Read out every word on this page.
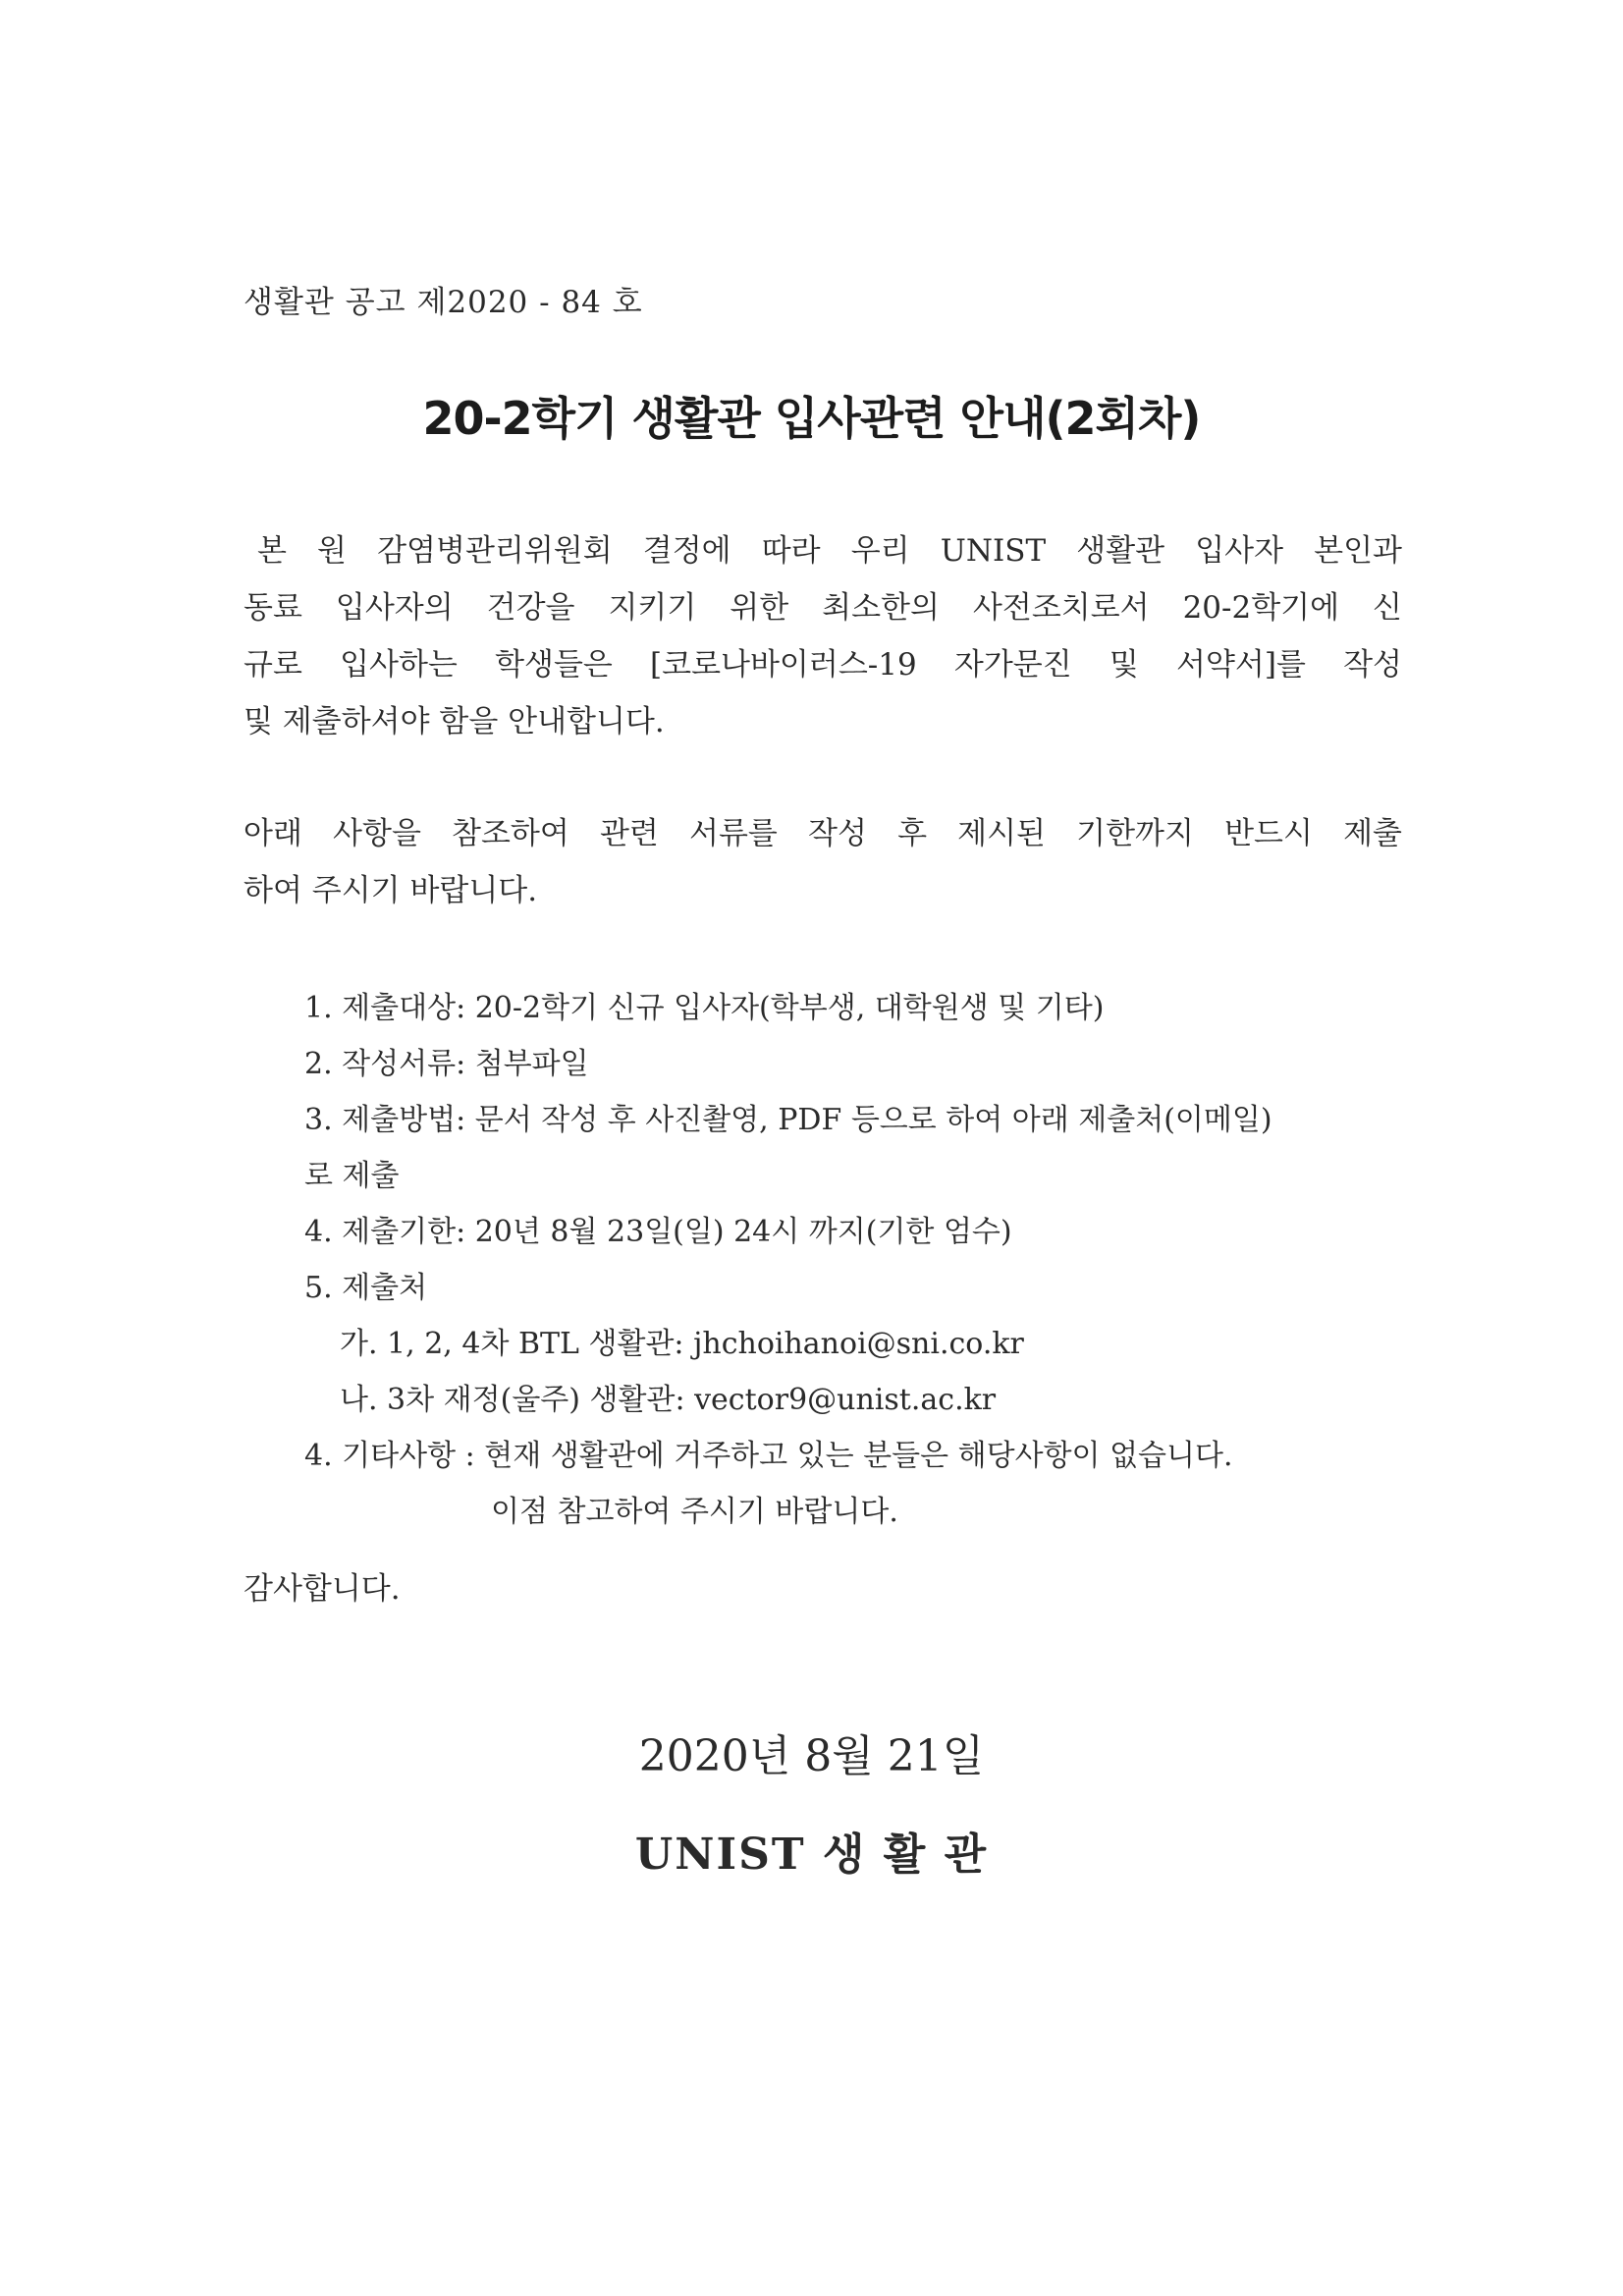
생활관 공고 제2020 - 84 호
20-2학기 생활관 입사관련 안내(2회차)
본 원 감염병관리위원회 결정에 따라 우리 UNIST 생활관 입사자 본인과
동료 입사자의 건강을 지키기 위한 최소한의 사전조치로서 20-2학기에 신
규로 입사하는 학생들은 [코로나바이러스-19 자가문진 및 서약서]를 작성
및 제출하셔야 함을 안내합니다.
아래 사항을 참조하여 관련 서류를 작성 후 제시된 기한까지 반드시 제출
하여 주시기 바랍니다.
1. 제출대상: 20-2학기 신규 입사자(학부생, 대학원생 및 기타)
2. 작성서류: 첨부파일
3. 제출방법: 문서 작성 후 사진촬영, PDF 등으로 하여 아래 제출처(이메일)
로 제출
4. 제출기한: 20년 8월 23일(일) 24시 까지(기한 엄수)
5. 제출처
가. 1, 2, 4차 BTL 생활관: jhchoihanoi@sni.co.kr
나. 3차 재정(울주) 생활관: vector9@unist.ac.kr
4. 기타사항 : 현재 생활관에 거주하고 있는 분들은 해당사항이 없습니다.
이점 참고하여 주시기 바랍니다.
감사합니다.
2020년 8월 21일
UNIST 생 활 관
